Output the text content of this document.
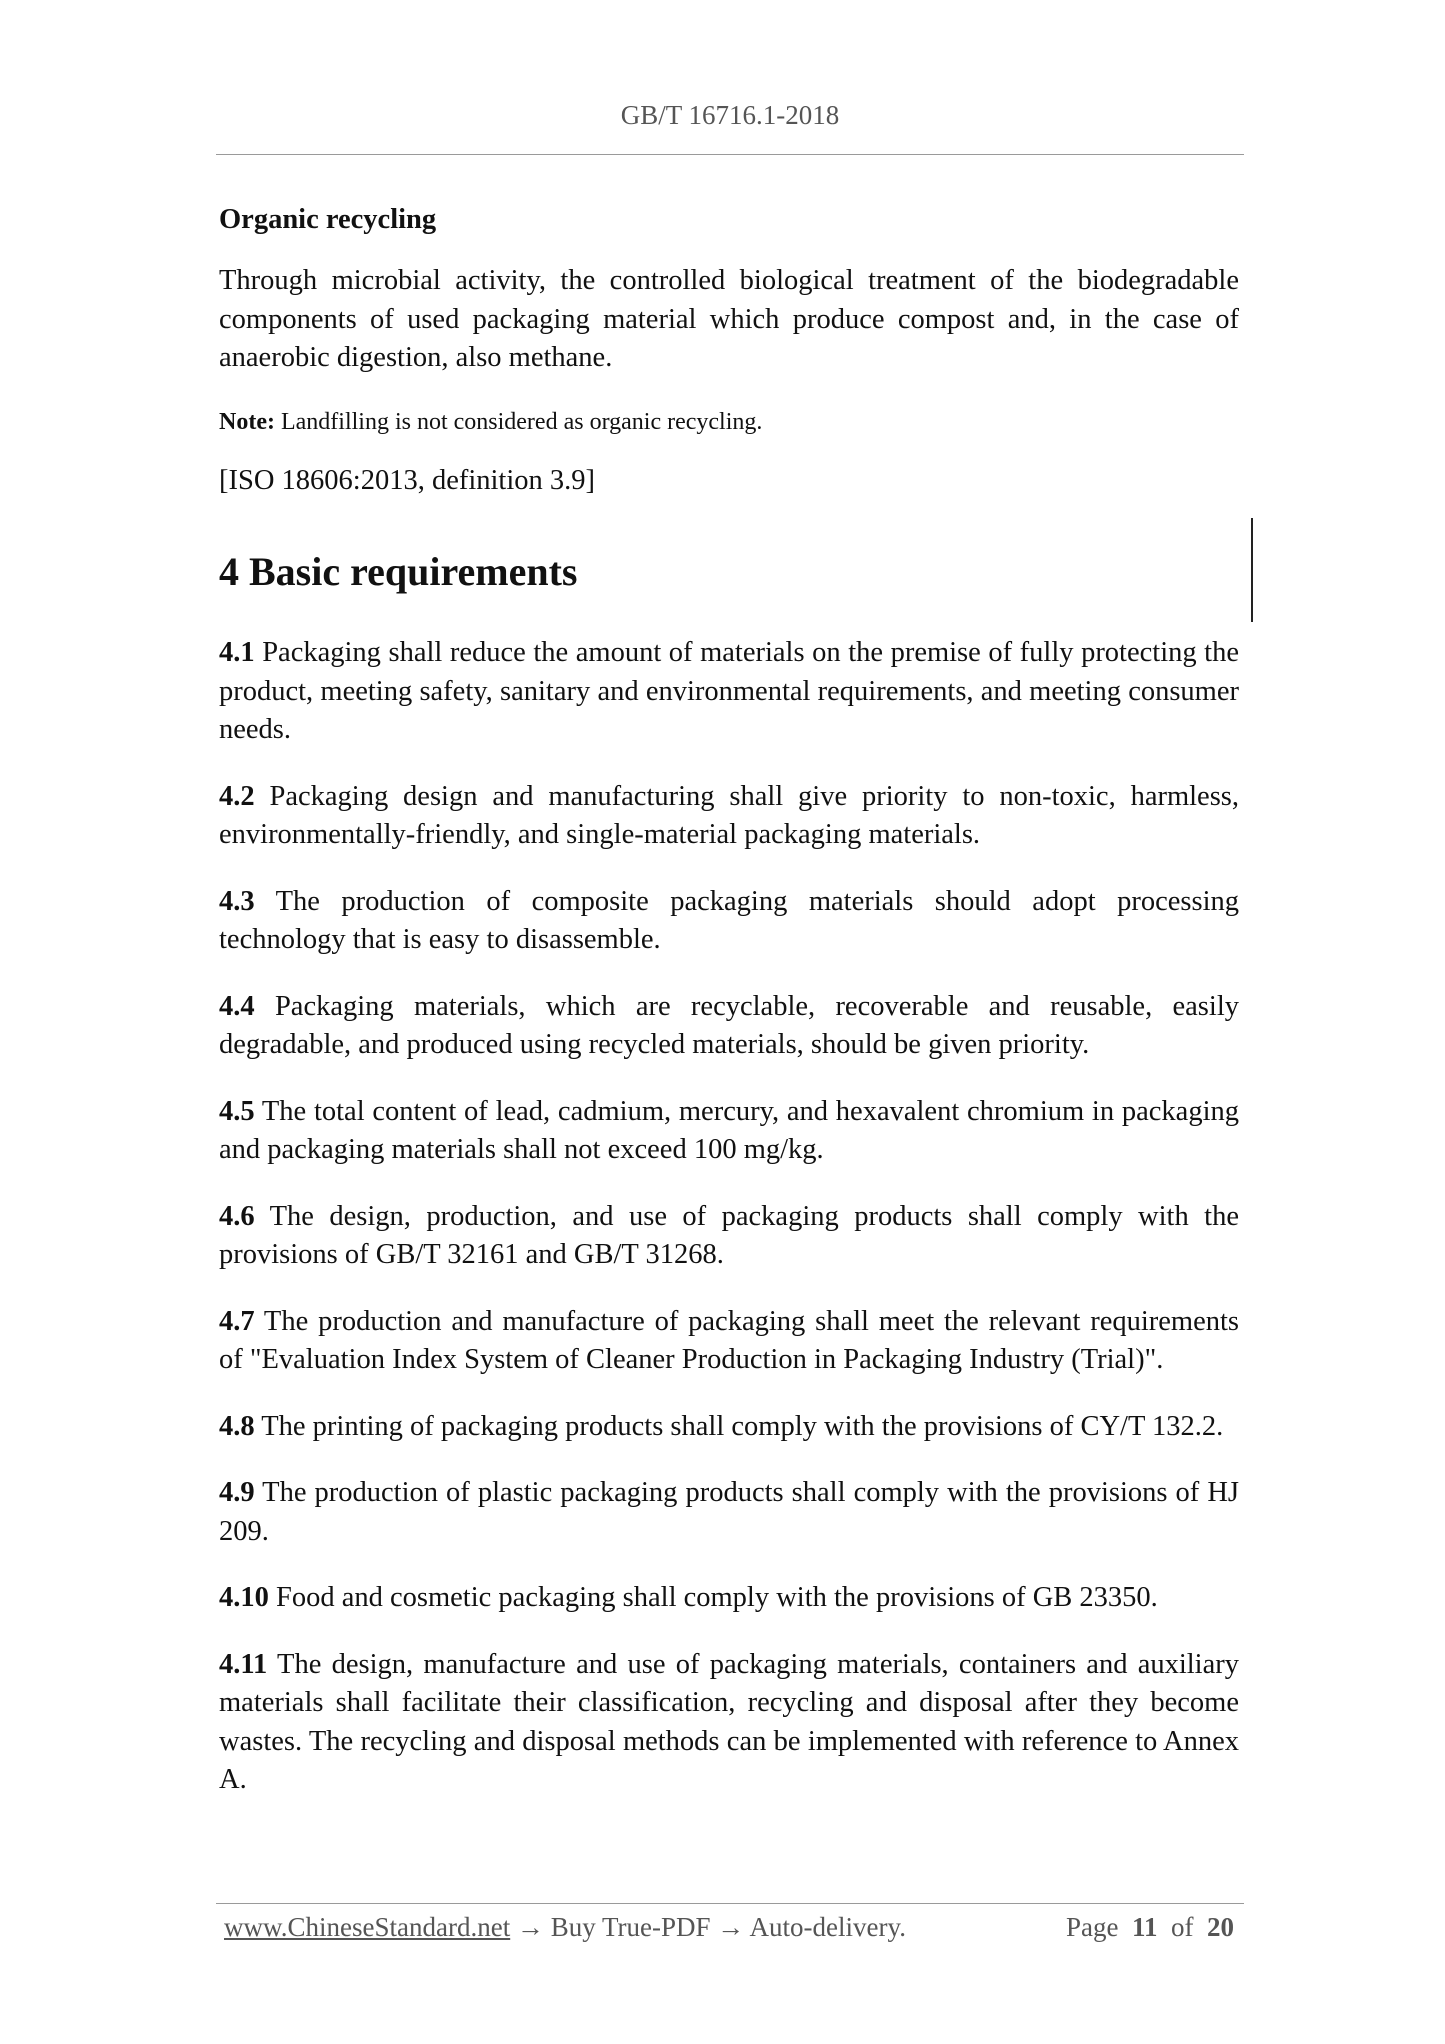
GB/T 16716.1-2018
Organic recycling

Through microbial activity, the controlled biological treatment of the biodegradable components of used packaging material which produce compost and, in the case of anaerobic digestion, also methane.

Note: Landfilling is not considered as organic recycling.

[ISO 18606:2013, definition 3.9]

4 Basic requirements

4.1 Packaging shall reduce the amount of materials on the premise of fully protecting the product, meeting safety, sanitary and environmental requirements, and meeting consumer needs.

4.2 Packaging design and manufacturing shall give priority to non-toxic, harmless, environmentally-friendly, and single-material packaging materials.

4.3 The production of composite packaging materials should adopt processing technology that is easy to disassemble.

4.4 Packaging materials, which are recyclable, recoverable and reusable, easily degradable, and produced using recycled materials, should be given priority.

4.5 The total content of lead, cadmium, mercury, and hexavalent chromium in packaging and packaging materials shall not exceed 100 mg/kg.

4.6 The design, production, and use of packaging products shall comply with the provisions of GB/T 32161 and GB/T 31268.

4.7 The production and manufacture of packaging shall meet the relevant requirements of "Evaluation Index System of Cleaner Production in Packaging Industry (Trial)".

4.8 The printing of packaging products shall comply with the provisions of CY/T 132.2.

4.9 The production of plastic packaging products shall comply with the provisions of HJ 209.

4.10 Food and cosmetic packaging shall comply with the provisions of GB 23350.

4.11 The design, manufacture and use of packaging materials, containers and auxiliary materials shall facilitate their classification, recycling and disposal after they become wastes. The recycling and disposal methods can be implemented with reference to Annex A.

www.ChineseStandard.net → Buy True-PDF → Auto-delivery.	Page 11 of 20
